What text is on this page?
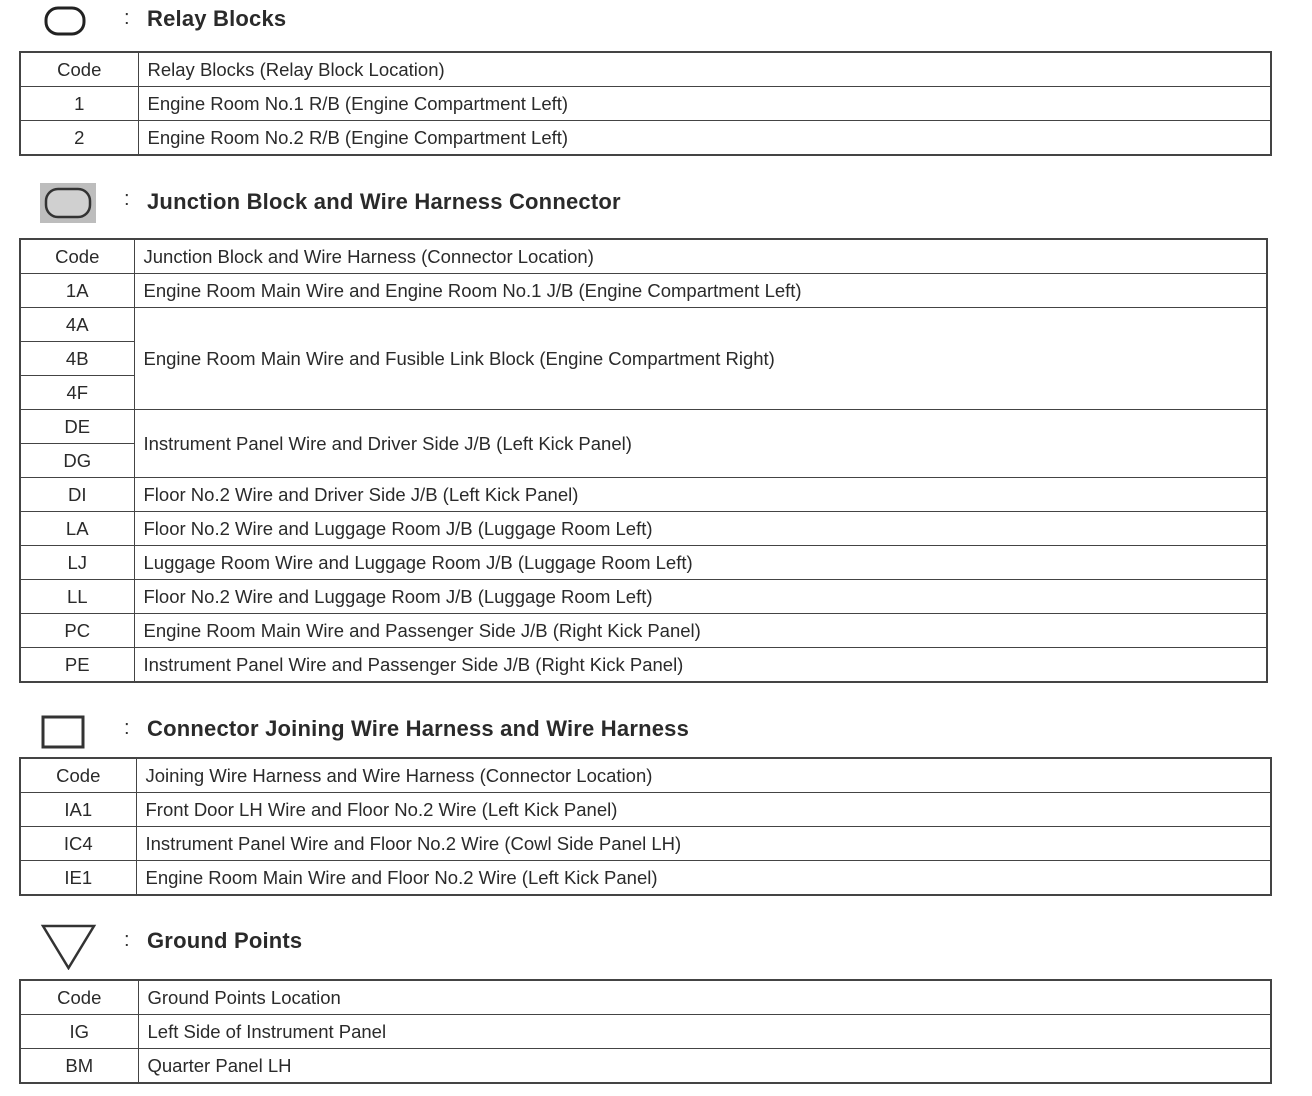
: Relay Blocks
Code	Relay Blocks (Relay Block Location)
1	Engine Room No.1 R/B (Engine Compartment Left)
2	Engine Room No.2 R/B (Engine Compartment Left)
: Junction Block and Wire Harness Connector
Code	Junction Block and Wire Harness (Connector Location)
1A	Engine Room Main Wire and Engine Room No.1 J/B (Engine Compartment Left)
4A	Engine Room Main Wire and Fusible Link Block (Engine Compartment Right)
4B	
4F	
DE	Instrument Panel Wire and Driver Side J/B (Left Kick Panel)
DG	
DI	Floor No.2 Wire and Driver Side J/B (Left Kick Panel)
LA	Floor No.2 Wire and Luggage Room J/B (Luggage Room Left)
LJ	Luggage Room Wire and Luggage Room J/B (Luggage Room Left)
LL	Floor No.2 Wire and Luggage Room J/B (Luggage Room Left)
PC	Engine Room Main Wire and Passenger Side J/B (Right Kick Panel)
PE	Instrument Panel Wire and Passenger Side J/B (Right Kick Panel)
: Connector Joining Wire Harness and Wire Harness
Code	Joining Wire Harness and Wire Harness (Connector Location)
IA1	Front Door LH Wire and Floor No.2 Wire (Left Kick Panel)
IC4	Instrument Panel Wire and Floor No.2 Wire (Cowl Side Panel LH)
IE1	Engine Room Main Wire and Floor No.2 Wire (Left Kick Panel)
: Ground Points
Code	Ground Points Location
IG	Left Side of Instrument Panel
BM	Quarter Panel LH
